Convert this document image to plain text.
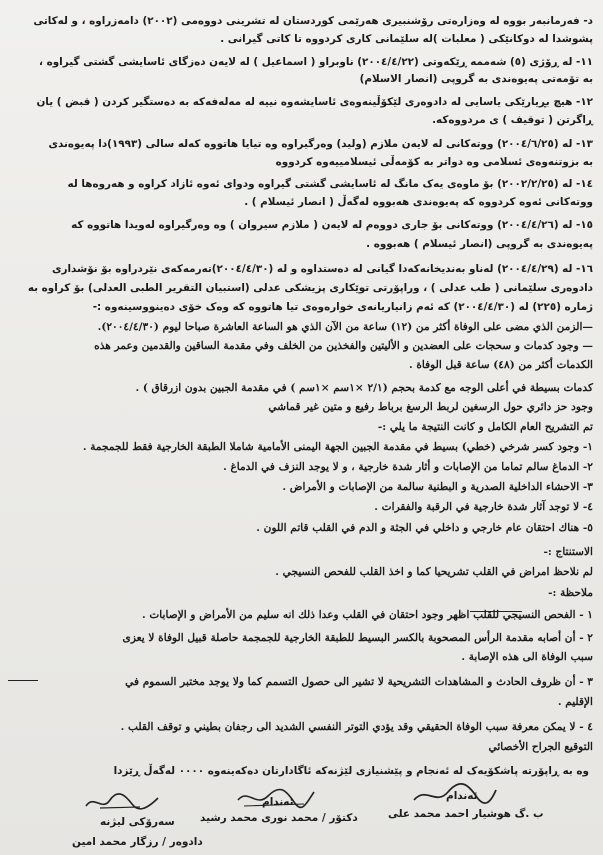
د- فەرمانبەر بووە لە وەزارەتی رۆشنبیری هەرێمی کوردستان لە تشرینی دووەمی (٢٠٠٢) دامەزراوە ، و لەکاتی
پشوشدا لە دوکانێکی ( معلبات )لە سلێمانی کاری کردووە تا کاتی گیرانی .
١١- لە ڕۆژی (٥) شەممە ڕێکەوتی (٢٠٠٤/٤/٢٢) ناوبراو ( اسماعیل ) لە لایەن دەزگای ئاسایشی گشتی گیراوە ،
بە تۆمەتی پەیوەندی بە گروپی (انصار الاسلام)
١٢- هیچ بڕیارێکی یاسایی لە دادوەری لێکۆڵینەوەی ئاسایشەوە نییە لە مەلەفەکە بە دەستگیر کردن ( قبض ) یان
ڕاگرتن ( توقیف ) ی مردووەکە.
١٣- لە (٢٠٠٤/٦/٢٥) ووتەکانی لە لایەن ملازم (ولید) وەرگیراوە وە تیایا هاتووە کەلە سالی (١٩٩٣)دا پەیوەندی
بە بزوتنەوەی ئسلامی وە دواتر بە کۆمەڵی ئیسلامییەوە کردووە
١٤- لە (٢٠٠٢/٢/٢٥) بۆ ماوەی یەک مانگ لە ئاسایشی گشتی گیراوە ودوای ئەوە ئازاد کراوە و هەروەها لە
ووتەکانی ئەوە کردووە کە پەیوەندی هەبووە لەگەڵ ( انصار ئیسلام ) .
١٥- لە (٢٠٠٤/٤/٢٦) ووتەکانی بۆ جاری دووەم لە لایەن ( ملازم سیروان ) وە وەرگیراوە لەویدا هاتووە کە
پەیوەندی بە گروپی (انصار ئیسلام ) هەبووە .
١٦- لە (٢٠٠٤/٤/٢٩) لەناو بەندیخانەکەدا گیانی لە دەستداوە و لە (٢٠٠٤/٤/٣٠)تەرمەکەی نێردراوە بۆ نۆشداری
دادوەری سلێمانی ( طب عدلی ) ، وراپۆرتی توێکاری پزیشکی عدلی (استبیان التقریر الطبی العدلی) بۆ کراوە بە
ژمارە (٢٢٥) لە (٢٠٠٤/٤/٣٠) کە ئەم زانیاریانەی خوارەوەی تیا هاتووە کە وەک خۆی دەینووسینەوە :-
—الزمن الذي مضى على الوفاة أكثر من (١٢) ساعة من الآن الذي هو الساعة العاشرة صباحا ليوم (٢٠٠٤/٤/٣٠).
— وجود كدمات و سحجات على العضدين و الأليتين والفخذين من الخلف وفي مقدمة الساقين والقدمين وعمر هذه
الكدمات أكثر من (٤٨) ساعة قبل الوفاة .
كدمات بسيطة في أعلى الوجه مع كدمة بحجم (٢/١ ×١سم ×١سم ) في مقدمة الجبين بدون ازرقاق ) .
وجود حز دائري حول الرسغين لربط الرسغ برباط رفيع و متين غير قماشي
تم التشريح العام الكامل و كانت النتيجة ما يلي :-
١- وجود كسر شرخي (خطي) بسيط في مقدمة الجبين الجهة اليمنى الأمامية شاملا الطبقة الخارجية فقط للجمجمة .
٢- الدماغ سالم تماما من الإصابات و أثار شدة خارجية ، و لا يوجد النزف في الدماغ .
٣- الاحشاء الداخلية الصدرية و البطنية سالمة من الإصابات و الأمراض .
٤- لا توجد آثار شدة خارجية في الرقبة والفقرات .
٥- هناك احتقان عام خارجي و داخلي في الجثة و الدم في القلب قاتم اللون .
الاستنتاج :-
لم نلاحظ امراض في القلب تشريحيا كما و اخذ القلب للفحص النسيجي .
ملاحظة :-
١ - الفحص النسيجي للقلب اظهر وجود احتقان في القلب وعدا ذلك انه سليم من الأمراض و الإصابات .
٢ - أن أصابه مقدمة الرأس المصحوبة بالكسر البسيط للطبقة الخارجية للجمجمة حاصلة قبيل الوفاة لا يعزى
سبب الوفاة الى هذه الإصابة .
٣ - أن ظروف الحادث و المشاهدات التشريحية لا تشير الى حصول التسمم كما ولا يوجد مختبر السموم في
الإقليم .
٤ - لا يمكن معرفة سبب الوفاة الحقيقي وقد يؤدي التوتر النفسي الشديد الى رجفان بطيني و توقف القلب .
التوقيع الجراح الأخصائي
وە بە ڕاپۆرتە پاشکۆیەک لە ئەنجام و پێشنیازی لێژنەکە ئاگادارتان دەکەینەوە ٠٠٠٠ لەگەڵ ڕێزدا
سەرۆکی لیژنە
دادوەر / رزگار محمد امین
ئەندام
دکتۆر / محمد نوری محمد رشید
ئەندام
ب .گ هوشیار احمد محمد علی
